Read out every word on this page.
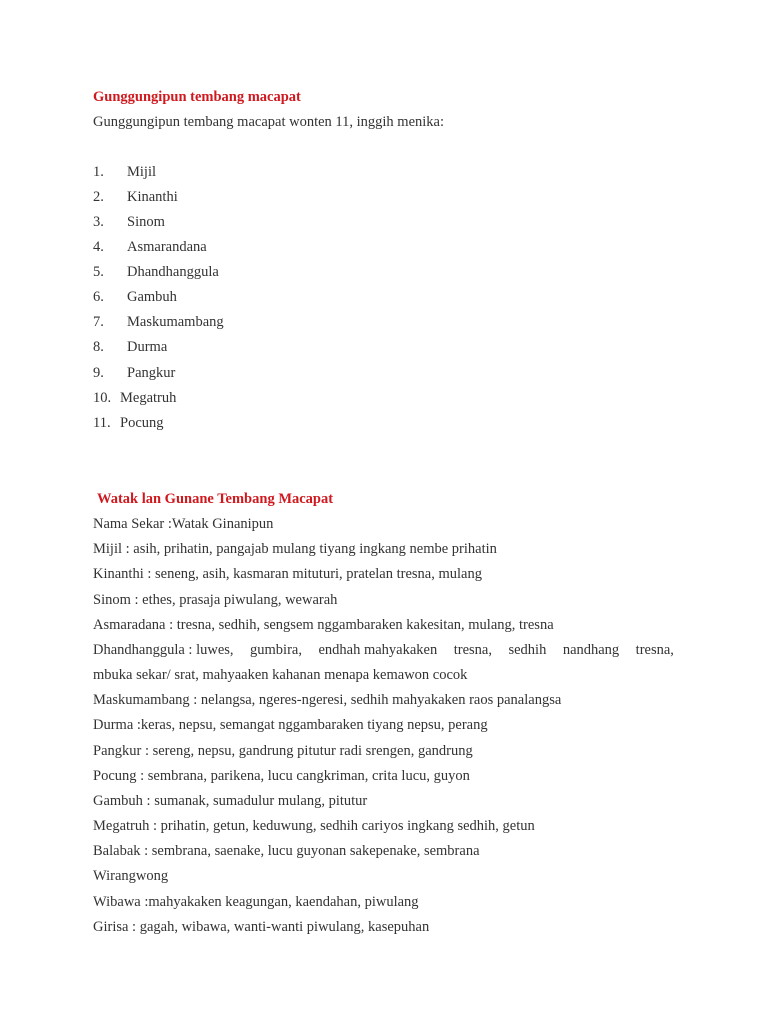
Gunggungipun tembang macapat
Gunggungipun tembang macapat wonten 11, inggih menika:
1. Mijil
2. Kinanthi
3. Sinom
4. Asmarandana
5. Dhandhanggula
6. Gambuh
7. Maskumambang
8. Durma
9. Pangkur
10. Megatruh
11. Pocung
Watak lan Gunane Tembang Macapat
Nama Sekar :Watak Ginanipun
Mijil : asih, prihatin, pangajab mulang tiyang ingkang nembe prihatin
Kinanthi : seneng, asih, kasmaran mituturi, pratelan tresna, mulang
Sinom : ethes, prasaja piwulang, wewarah
Asmaradana : tresna, sedhih, sengsem nggambaraken kakesitan, mulang, tresna
Dhandhanggula : luwes, gumbira, endhah mahyakaken tresna, sedhih nandhang tresna,
mbuka sekar/ srat, mahyaaken kahanan menapa kemawon cocok
Maskumambang : nelangsa, ngeres-ngeresi, sedhih mahyakaken raos panalangsa
Durma :keras, nepsu, semangat nggambaraken tiyang nepsu, perang
Pangkur : sereng, nepsu, gandrung pitutur radi srengen, gandrung
Pocung : sembrana, parikena, lucu cangkriman, crita lucu, guyon
Gambuh : sumanak, sumadulur mulang, pitutur
Megatruh : prihatin, getun, keduwung, sedhih cariyos ingkang sedhih, getun
Balabak : sembrana, saenake, lucu guyonan sakepenake, sembrana
Wirangwong
Wibawa :mahyakaken keagungan, kaendahan, piwulang
Girisa : gagah, wibawa, wanti-wanti piwulang, kasepuhan
